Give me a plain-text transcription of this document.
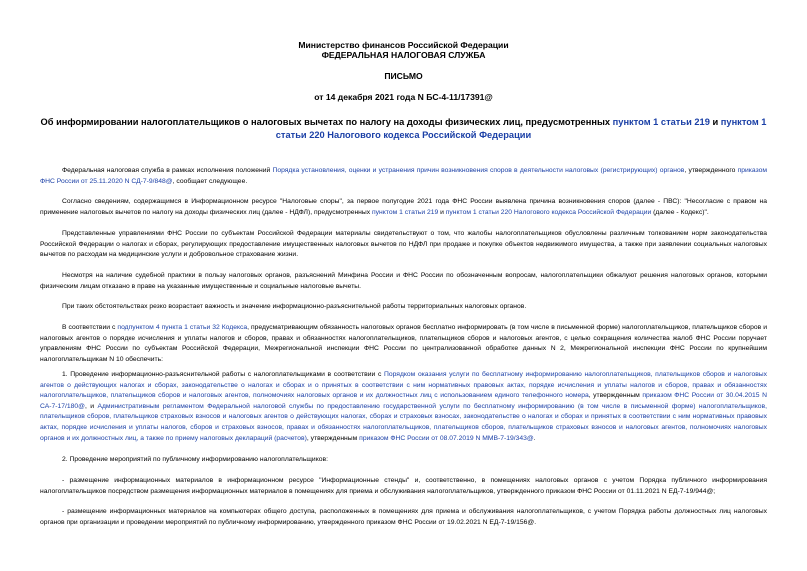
Министерство финансов Российской Федерации
ФЕДЕРАЛЬНАЯ НАЛОГОВАЯ СЛУЖБА
ПИСЬМО
от 14 декабря 2021 года N БС-4-11/17391@
Об информировании налогоплательщиков о налоговых вычетах по налогу на доходы физических лиц, предусмотренных пунктом 1 статьи 219 и пунктом 1 статьи 220 Налогового кодекса Российской Федерации
Федеральная налоговая служба в рамках исполнения положений Порядка установления, оценки и устранения причин возникновения споров в деятельности налоговых (регистрирующих) органов, утвержденного приказом ФНС России от 25.11.2020 N СД-7-9/848@, сообщает следующее.
Согласно сведениям, содержащимся в Информационном ресурсе "Налоговые споры", за первое полугодие 2021 года ФНС России выявлена причина возникновения споров (далее - ПВС): "Несогласие с правом на применение налоговых вычетов по налогу на доходы физических лиц (далее - НДФЛ), предусмотренных пунктом 1 статьи 219 и пунктом 1 статьи 220 Налогового кодекса Российской Федерации (далее - Кодекс)".
Представленные управлениями ФНС России по субъектам Российской Федерации материалы свидетельствуют о том, что жалобы налогоплательщиков обусловлены различным толкованием норм законодательства Российской Федерации о налогах и сборах, регулирующих предоставление имущественных налоговых вычетов по НДФЛ при продаже и покупке объектов недвижимого имущества, а также при заявлении социальных налоговых вычетов по расходам на медицинские услуги и добровольное страхование жизни.
Несмотря на наличие судебной практики в пользу налоговых органов, разъяснений Минфина России и ФНС России по обозначенным вопросам, налогоплательщики обжалуют решения налоговых органов, которыми физическим лицам отказано в праве на указанные имущественные и социальные налоговые вычеты.
При таких обстоятельствах резко возрастает важность и значение информационно-разъяснительной работы территориальных налоговых органов.
В соответствии с подпунктом 4 пункта 1 статьи 32 Кодекса, предусматривающим обязанность налоговых органов бесплатно информировать (в том числе в письменной форме) налогоплательщиков, плательщиков сборов и налоговых агентов о порядке исчисления и уплаты налогов и сборов, правах и обязанностях налогоплательщиков, плательщиков сборов и налоговых агентов, с целью сокращения количества жалоб ФНС России поручает управлениям ФНС России по субъектам Российской Федерации, Межрегиональной инспекции ФНС России по централизованной обработке данных N 2, Межрегиональной инспекции ФНС России по крупнейшим налогоплательщикам N 10 обеспечить:
1. Проведение информационно-разъяснительной работы с налогоплательщиками в соответствии с Порядком оказания услуги по бесплатному информированию налогоплательщиков, плательщиков сборов и налоговых агентов о действующих налогах и сборах, законодательстве о налогах и сборах и о принятых в соответствии с ним нормативных правовых актах, порядке исчисления и уплаты налогов и сборов, правах и обязанностях налогоплательщиков, плательщиков сборов и налоговых агентов, полномочиях налоговых органов и их должностных лиц с использованием единого телефонного номера, утвержденным приказом ФНС России от 30.04.2015 N СА-7-17/180@, и Административным регламентом Федеральной налоговой службы по предоставлению государственной услуги по бесплатному информированию (в том числе в письменной форме) налогоплательщиков, плательщиков сборов, плательщиков страховых взносов и налоговых агентов о действующих налогах, сборах и страховых взносах, законодательстве о налогах и сборах и принятых в соответствии с ним нормативных правовых актах, порядке исчисления и уплаты налогов, сборов и страховых взносов, правах и обязанностях налогоплательщиков, плательщиков сборов, плательщиков страховых взносов и налоговых агентов, полномочиях налоговых органов и их должностных лиц, а также по приему налоговых деклараций (расчетов), утвержденным приказом ФНС России от 08.07.2019 N ММВ-7-19/343@.
2. Проведение мероприятий по публичному информированию налогоплательщиков:
- размещение информационных материалов в информационном ресурсе "Информационные стенды" и, соответственно, в помещениях налоговых органов с учетом Порядка публичного информирования налогоплательщиков посредством размещения информационных материалов в помещениях для приема и обслуживания налогоплательщиков, утвержденного приказом ФНС России от 01.11.2021 N ЕД-7-19/944@;
- размещение информационных материалов на компьютерах общего доступа, расположенных в помещениях для приема и обслуживания налогоплательщиков, с учетом Порядка работы должностных лиц налоговых органов при организации и проведении мероприятий по публичному информированию, утвержденного приказом ФНС России от 19.02.2021 N ЕД-7-19/156@.
